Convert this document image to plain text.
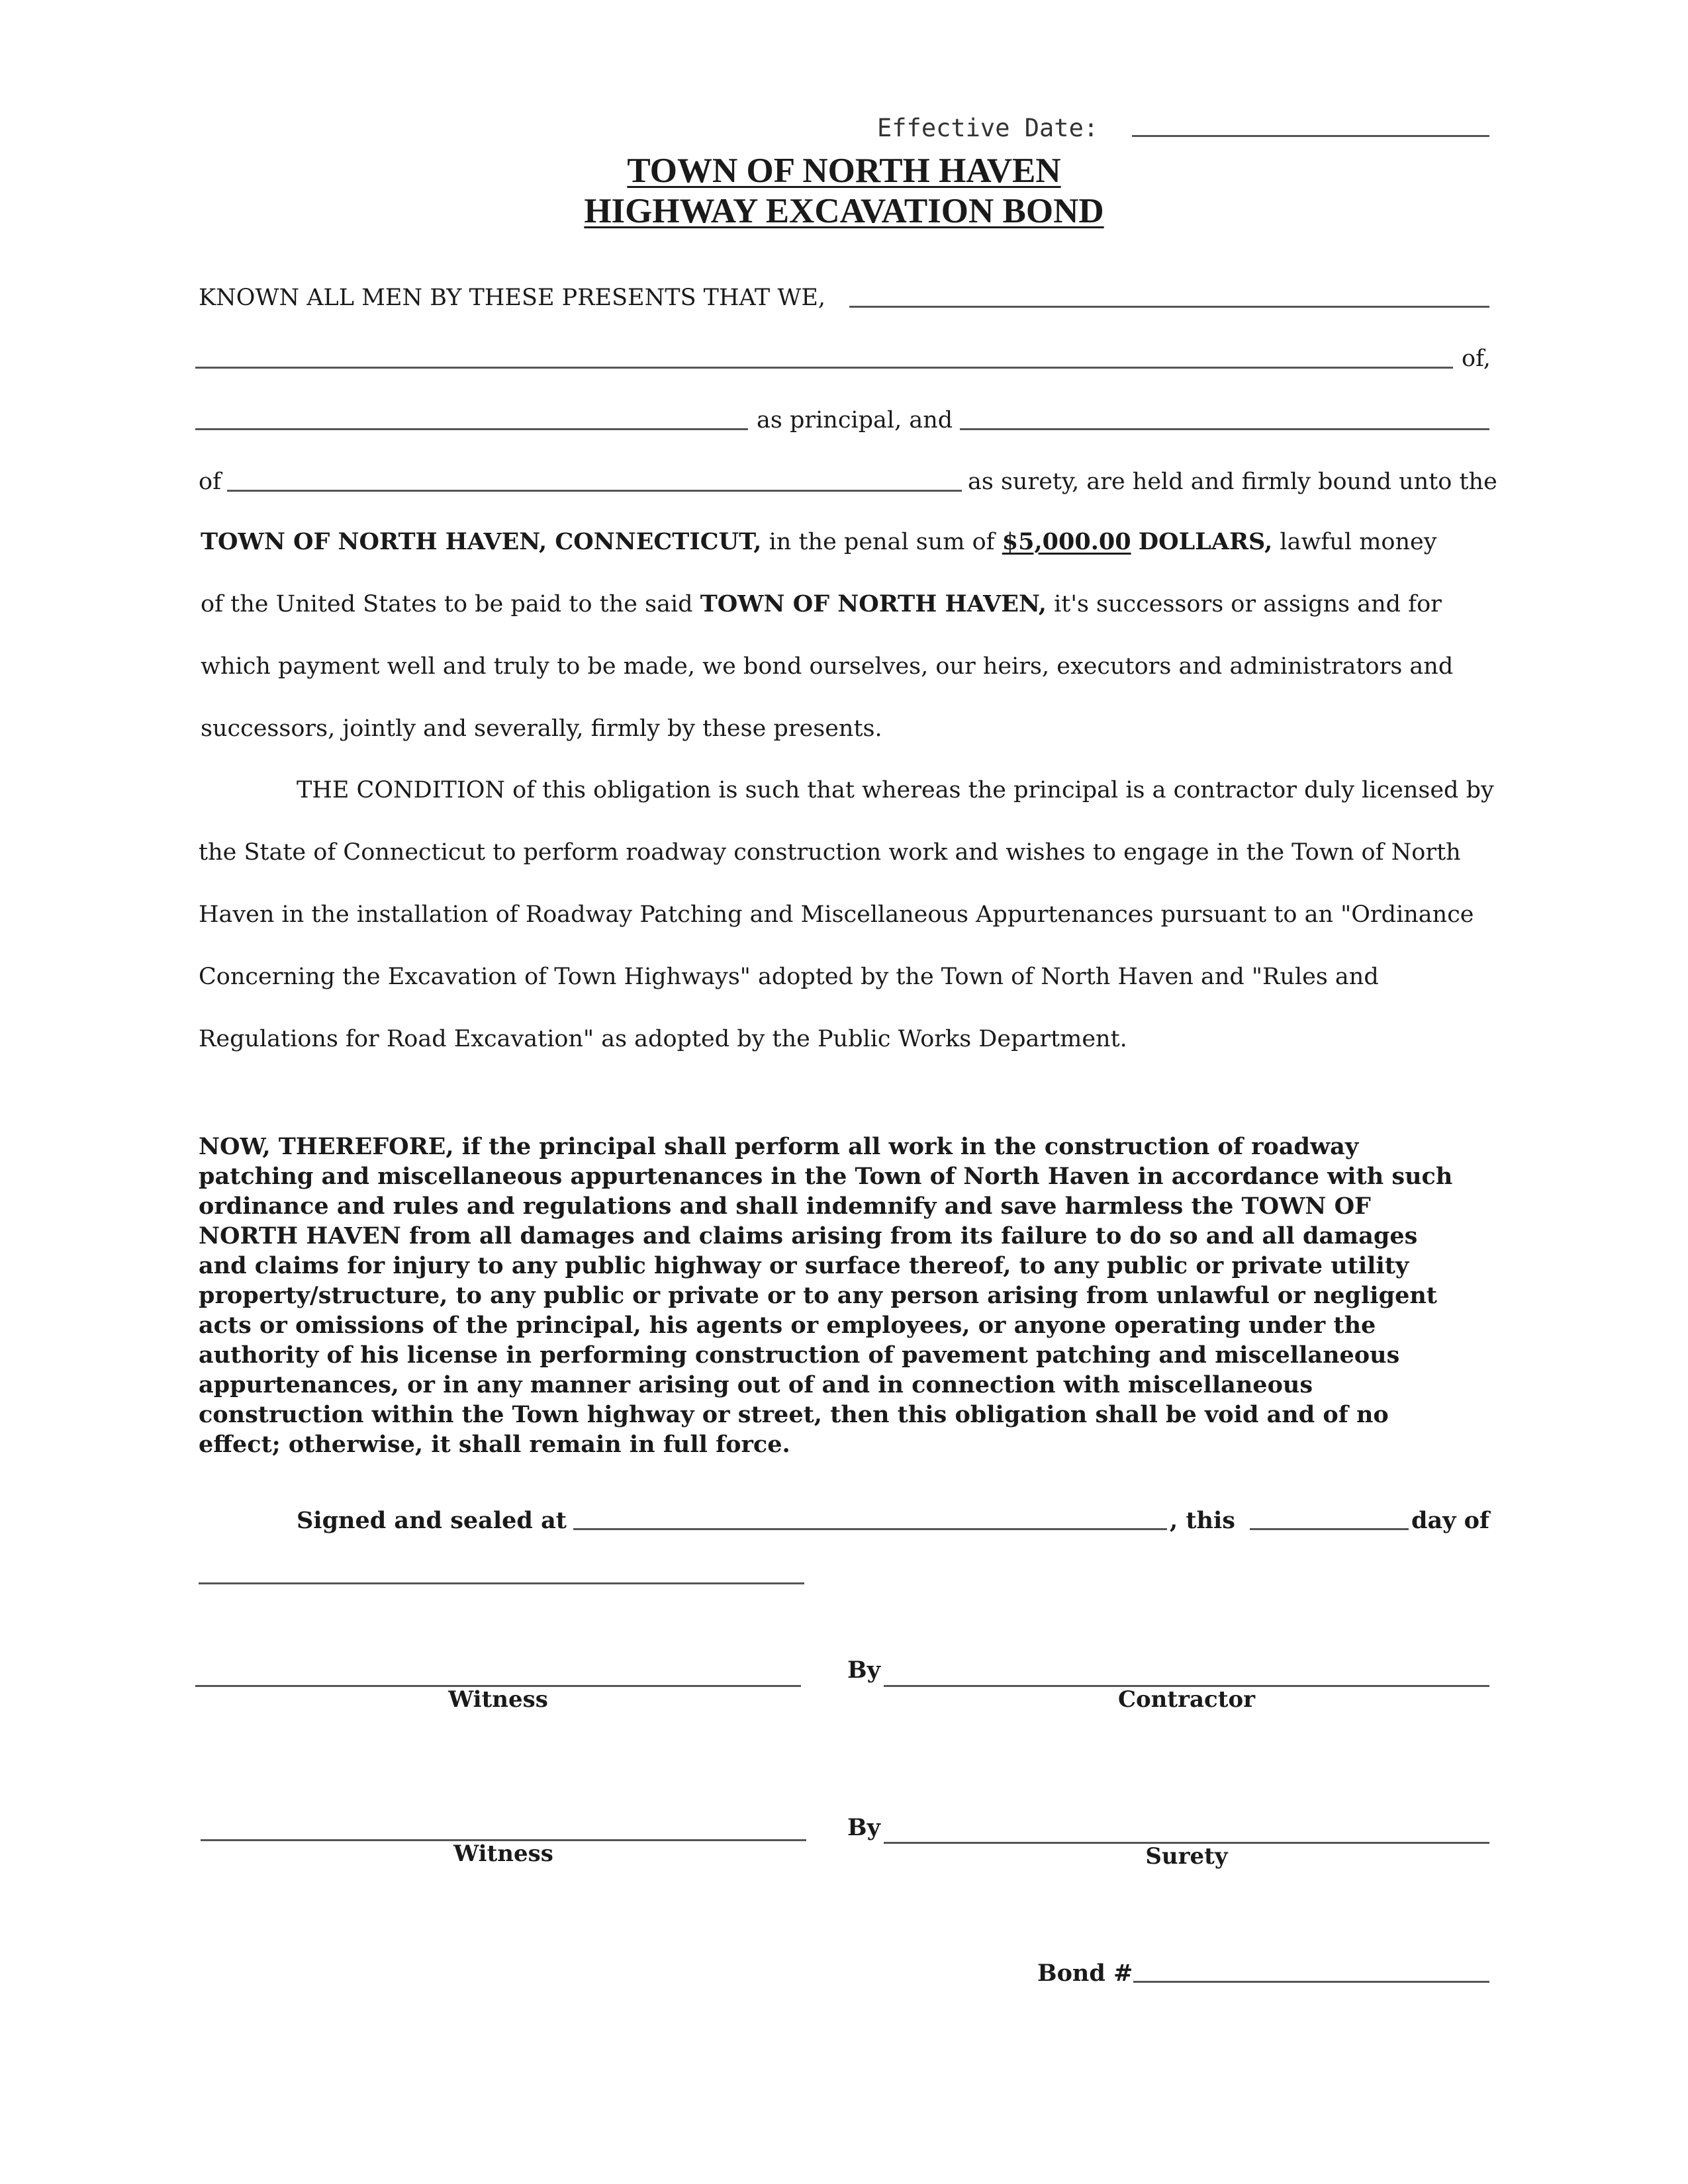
Effective Date:
TOWN OF NORTH HAVEN
HIGHWAY EXCAVATION BOND
KNOWN ALL MEN BY THESE PRESENTS THAT WE,
of,
as principal, and
of	as surety, are held and firmly bound unto the
TOWN OF NORTH HAVEN, CONNECTICUT, in the penal sum of $5,000.00 DOLLARS, lawful money
of the United States to be paid to the said TOWN OF NORTH HAVEN, it's successors or assigns and for
which payment well and truly to be made, we bond ourselves, our heirs, executors and administrators and
successors, jointly and severally, firmly by these presents.
THE CONDITION of this obligation is such that whereas the principal is a contractor duly licensed by
the State of Connecticut to perform roadway construction work and wishes to engage in the Town of North
Haven in the installation of Roadway Patching and Miscellaneous Appurtenances pursuant to an "Ordinance
Concerning the Excavation of Town Highways" adopted by the Town of North Haven and "Rules and
Regulations for Road Excavation" as adopted by the Public Works Department.
NOW, THEREFORE, if the principal shall perform all work in the construction of roadway
patching and miscellaneous appurtenances in the Town of North Haven in accordance with such
ordinance and rules and regulations and shall indemnify and save harmless the TOWN OF
NORTH HAVEN from all damages and claims arising from its failure to do so and all damages
and claims for injury to any public highway or surface thereof, to any public or private utility
property/structure, to any public or private or to any person arising from unlawful or negligent
acts or omissions of the principal, his agents or employees, or anyone operating under the
authority of his license in performing construction of pavement patching and miscellaneous
appurtenances, or in any manner arising out of and in connection with miscellaneous
construction within the Town highway or street, then this obligation shall be void and of no
effect; otherwise, it shall remain in full force.
Signed and sealed at	, this	day of
Witness
By
Contractor
Witness
By
Surety
Bond #
